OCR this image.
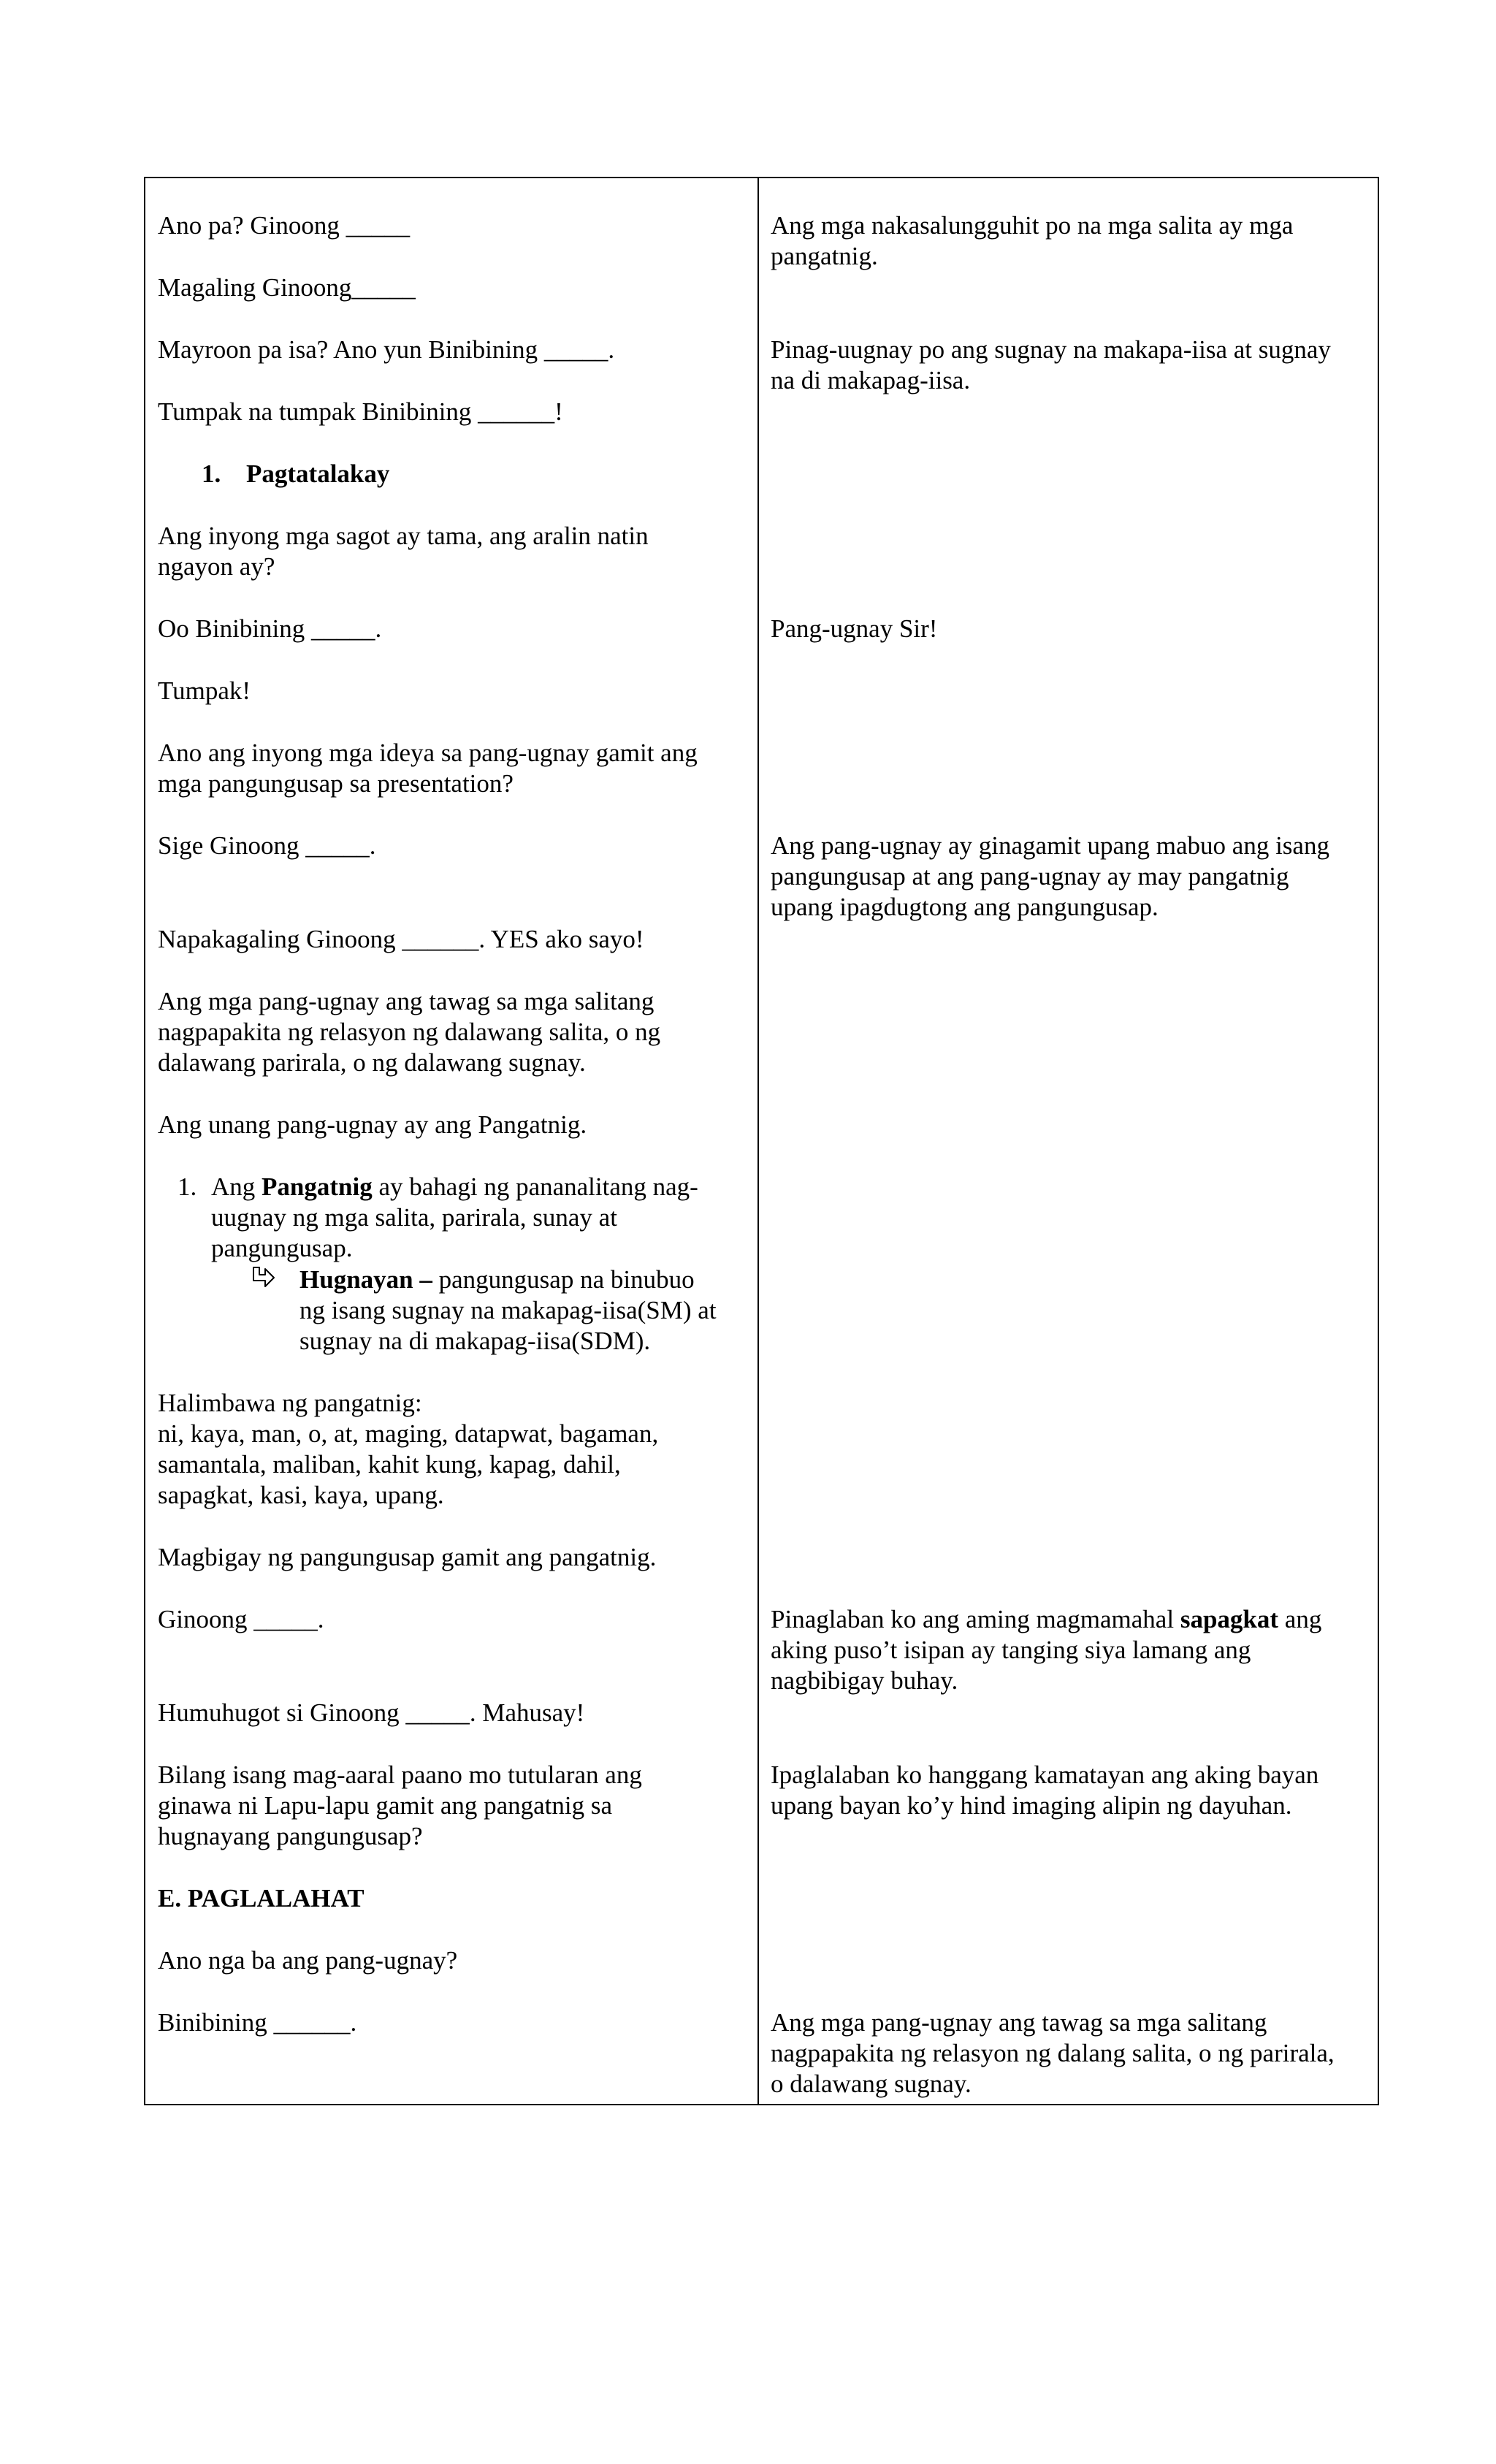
Ano pa? Ginoong _____
Magaling Ginoong_____
Mayroon pa isa? Ano yun Binibining _____.
Tumpak na tumpak Binibining ______!
1. Pagtatalakay
Ang inyong mga sagot ay tama, ang aralin natin
ngayon ay?
Oo Binibining _____.
Tumpak!
Ano ang inyong mga ideya sa pang-ugnay gamit ang
mga pangungusap sa presentation?
Sige Ginoong _____.
Napakagaling Ginoong ______. YES ako sayo!
Ang mga pang-ugnay ang tawag sa mga salitang
nagpapakita ng relasyon ng dalawang salita, o ng
dalawang parirala, o ng dalawang sugnay.
Ang unang pang-ugnay ay ang Pangatnig.
1. Ang Pangatnig ay bahagi ng pananalitang nag-
uugnay ng mga salita, parirala, sunay at
pangungusap.
Hugnayan – pangungusap na binubuo
ng isang sugnay na makapag-iisa(SM) at
sugnay na di makapag-iisa(SDM).
Halimbawa ng pangatnig:
ni, kaya, man, o, at, maging, datapwat, bagaman,
samantala, maliban, kahit kung, kapag, dahil,
sapagkat, kasi, kaya, upang.
Magbigay ng pangungusap gamit ang pangatnig.
Ginoong _____.
Humuhugot si Ginoong _____. Mahusay!
Bilang isang mag-aaral paano mo tutularan ang
ginawa ni Lapu-lapu gamit ang pangatnig sa
hugnayang pangungusap?
E. PAGLALAHAT
Ano nga ba ang pang-ugnay?
Binibining ______.
Ang mga nakasalungguhit po na mga salita ay mga
pangatnig.
Pinag-uugnay po ang sugnay na makapa-iisa at sugnay
na di makapag-iisa.
Pang-ugnay Sir!
Ang pang-ugnay ay ginagamit upang mabuo ang isang
pangungusap at ang pang-ugnay ay may pangatnig
upang ipagdugtong ang pangungusap.
Pinaglaban ko ang aming magmamahal sapagkat ang
aking puso’t isipan ay tanging siya lamang ang
nagbibigay buhay.
Ipaglalaban ko hanggang kamatayan ang aking bayan
upang bayan ko’y hind imaging alipin ng dayuhan.
Ang mga pang-ugnay ang tawag sa mga salitang
nagpapakita ng relasyon ng dalang salita, o ng parirala,
o dalawang sugnay.
